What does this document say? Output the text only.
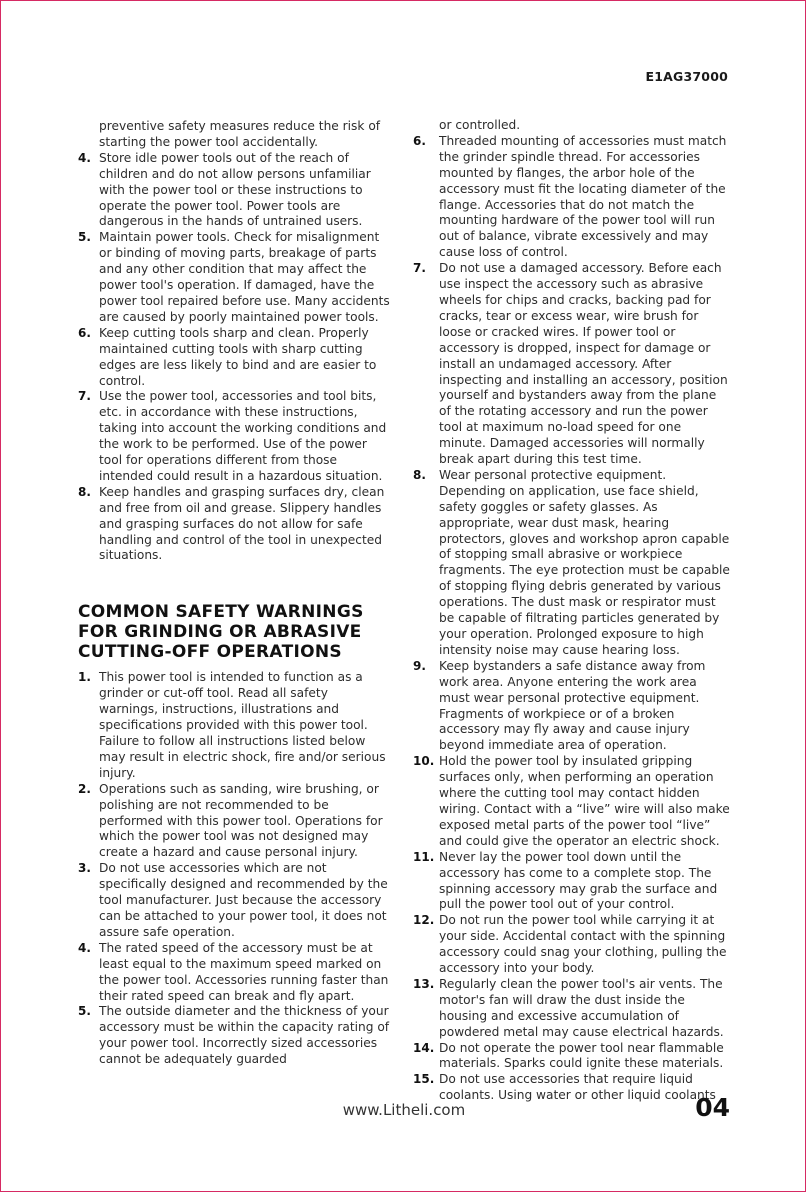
E1AG37000
preventive safety measures reduce the risk of starting the power tool accidentally.
4. Store idle power tools out of the reach of children and do not allow persons unfamiliar with the power tool or these instructions to operate the power tool. Power tools are dangerous in the hands of untrained users.
5. Maintain power tools. Check for misalignment or binding of moving parts, breakage of parts and any other condition that may affect the power tool's operation. If damaged, have the power tool repaired before use. Many accidents are caused by poorly maintained power tools.
6. Keep cutting tools sharp and clean. Properly maintained cutting tools with sharp cutting edges are less likely to bind and are easier to control.
7. Use the power tool, accessories and tool bits, etc. in accordance with these instructions, taking into account the working conditions and the work to be performed. Use of the power tool for operations different from those intended could result in a hazardous situation.
8. Keep handles and grasping surfaces dry, clean and free from oil and grease. Slippery handles and grasping surfaces do not allow for safe handling and control of the tool in unexpected situations.
COMMON SAFETY WARNINGS FOR GRINDING OR ABRASIVE CUTTING-OFF OPERATIONS
1. This power tool is intended to function as a grinder or cut-off tool. Read all safety warnings, instructions, illustrations and specifications provided with this power tool. Failure to follow all instructions listed below may result in electric shock, fire and/or serious injury.
2. Operations such as sanding, wire brushing, or polishing are not recommended to be performed with this power tool. Operations for which the power tool was not designed may create a hazard and cause personal injury.
3. Do not use accessories which are not specifically designed and recommended by the tool manufacturer. Just because the accessory can be attached to your power tool, it does not assure safe operation.
4. The rated speed of the accessory must be at least equal to the maximum speed marked on the power tool. Accessories running faster than their rated speed can break and fly apart.
5. The outside diameter and the thickness of your accessory must be within the capacity rating of your power tool. Incorrectly sized accessories cannot be adequately guarded
or controlled.
6. Threaded mounting of accessories must match the grinder spindle thread. For accessories mounted by flanges, the arbor hole of the accessory must fit the locating diameter of the flange. Accessories that do not match the mounting hardware of the power tool will run out of balance, vibrate excessively and may cause loss of control.
7. Do not use a damaged accessory. Before each use inspect the accessory such as abrasive wheels for chips and cracks, backing pad for cracks, tear or excess wear, wire brush for loose or cracked wires. If power tool or accessory is dropped, inspect for damage or install an undamaged accessory. After inspecting and installing an accessory, position yourself and bystanders away from the plane of the rotating accessory and run the power tool at maximum no-load speed for one minute. Damaged accessories will normally break apart during this test time.
8. Wear personal protective equipment. Depending on application, use face shield, safety goggles or safety glasses. As appropriate, wear dust mask, hearing protectors, gloves and workshop apron capable of stopping small abrasive or workpiece fragments. The eye protection must be capable of stopping flying debris generated by various operations. The dust mask or respirator must be capable of filtrating particles generated by your operation. Prolonged exposure to high intensity noise may cause hearing loss.
9. Keep bystanders a safe distance away from work area. Anyone entering the work area must wear personal protective equipment. Fragments of workpiece or of a broken accessory may fly away and cause injury beyond immediate area of operation.
10. Hold the power tool by insulated gripping surfaces only, when performing an operation where the cutting tool may contact hidden wiring. Contact with a “live” wire will also make exposed metal parts of the power tool “live” and could give the operator an electric shock.
11. Never lay the power tool down until the accessory has come to a complete stop. The spinning accessory may grab the surface and pull the power tool out of your control.
12. Do not run the power tool while carrying it at your side. Accidental contact with the spinning accessory could snag your clothing, pulling the accessory into your body.
13. Regularly clean the power tool's air vents. The motor's fan will draw the dust inside the housing and excessive accumulation of powdered metal may cause electrical hazards.
14. Do not operate the power tool near flammable materials. Sparks could ignite these materials.
15. Do not use accessories that require liquid coolants. Using water or other liquid coolants
www.Litheli.com	04
